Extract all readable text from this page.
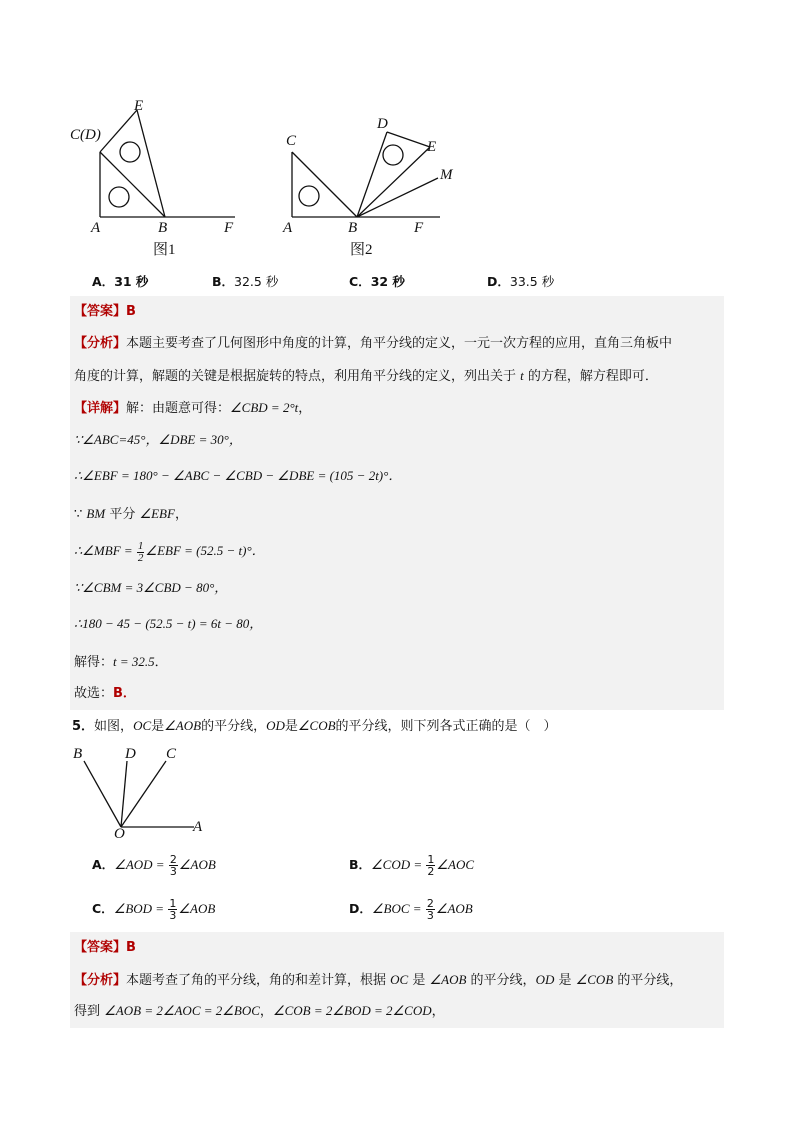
C(D)
E
A	B	F
图1
C
D
E
M
A	B	F
图2
A．31 秒	B．32.5 秒	C．32 秒	D．33.5 秒
【答案】B
【分析】本题主要考查了几何图形中角度的计算，角平分线的定义，一元一次方程的应用，直角三角板中
角度的计算，解题的关键是根据旋转的特点，利用角平分线的定义，列出关于 t 的方程，解方程即可．
【详解】解：由题意可得：∠CBD = 2°t，
∵∠ABC=45°，∠DBE = 30°，
∴∠EBF = 180° − ∠ABC − ∠CBD − ∠DBE = (105 − 2t)°．
∵ BM 平分 ∠EBF，
∴∠MBF = $\frac{1}{2}$ ∠EBF = (52.5 − t)°．
∵∠CBM = 3∠CBD − 80°，
∴180 − 45 − (52.5 − t) = 6t − 80，
解得：t = 32.5．
故选：B．
5．如图，OC是∠AOB的平分线，OD是∠COB的平分线，则下列各式正确的是（　）
B	D C
O	A
A．∠AOD = $\frac{2}{3}$ ∠AOB	B．∠COD = $\frac{1}{2}$ ∠AOC
C．∠BOD = $\frac{1}{3}$ ∠AOB	D．∠BOC = $\frac{2}{3}$ ∠AOB
【答案】B
【分析】本题考查了角的平分线，角的和差计算，根据 OC 是 ∠AOB 的平分线，OD 是 ∠COB 的平分线，
得到 ∠AOB = 2∠AOC = 2∠BOC，∠COB = 2∠BOD = 2∠COD，
